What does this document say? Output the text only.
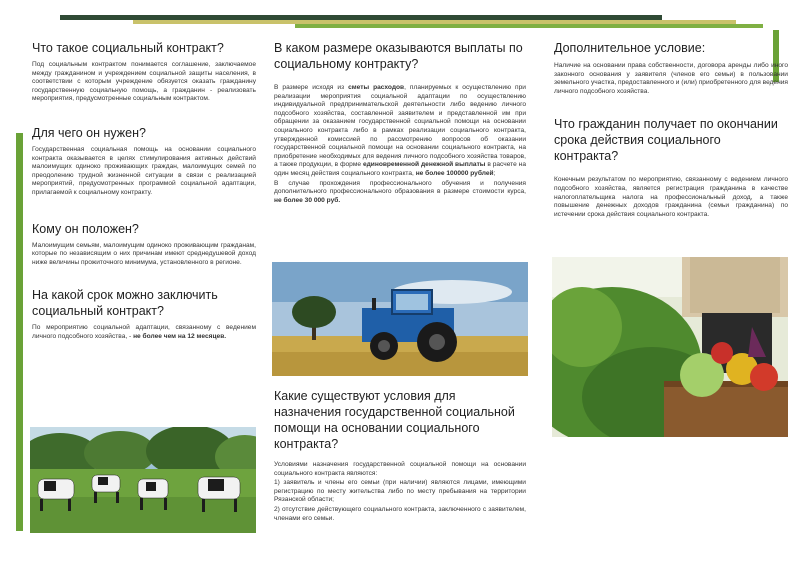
Что такое социальный контракт?

Под социальным контрактом понимается соглашение, заключаемое между гражданином и учреждением социальной защиты населения, в соответствии с которым учреждение обязуется оказать гражданину государственную социальную помощь, а гражданин - реализовать мероприятия, предусмотренные социальным контрактом.

Для чего он нужен?

Государственная социальная помощь на основании социального контракта оказывается в целях стимулирования активных действий малоимущих одиноко проживающих граждан, малоимущих семей по преодолению трудной жизненной ситуации в связи с реализацией мероприятий, предусмотренных программой социальной адаптации, прилагаемой к социальному контракту.

Кому он положен?

Малоимущим семьям, малоимущим одиноко проживающим гражданам, которые по независящим о них причинам имеют среднедушевой доход ниже величины прожиточного минимума, установленного в регионе.

На какой срок можно заключить социальный контракт?

По мероприятию социальной адаптации, связанному с ведением личного подсобного хозяйства, - не более чем на 12 месяцев.

В каком размере оказываются выплаты по социальному контракту?

В размере исходя из сметы расходов, планируемых к осуществлению при реализации мероприятия социальной адаптации по осуществлению индивидуальной предпринимательской деятельности либо ведению личного подсобного хозяйства, составленной заявителем и представленной им при обращении за оказанием государственной социальной помощи на основании социального контракта либо в рамках реализации социального контракта, утвержденной комиссией по рассмотрению вопросов об оказании государственной социальной помощи на основании социального контракта, на приобретение необходимых для ведения личного подсобного хозяйства товаров, а также продукции, в форме единовременной денежной выплаты в расчете на один месяц действия социального контракта, не более 100000 рублей;

В случае прохождения профессионального обучения и получения дополнительного профессионального образования в размере стоимости курса, не более 30 000 руб.

Какие существуют условия для назначения государственной социальной помощи на основании социального контракта?

Условиями назначения государственной социальной помощи на основании социального контракта являются:

1) заявитель и члены его семьи (при наличии) являются лицами, имеющими регистрацию по месту жительства либо по месту пребывания на территории Рязанской области;

2) отсутствие действующего социального контракта, заключенного с заявителем, членами его семьи.

Дополнительное условие:

Наличие на основании права собственности, договора аренды либо иного законного основания у заявителя (членов его семьи) в пользовании земельного участка, предоставленного и (или) приобретенного для ведения личного подсобного хозяйства.

Что гражданин получает по окончании срока действия социального контракта?

Конечным результатом по мероприятию, связанному с ведением личного подсобного хозяйства, является регистрация гражданина в качестве налогоплательщика налога на профессиональный доход, а также повышение денежных доходов гражданина (семьи гражданина) по истечении срока действия социального контракта.
